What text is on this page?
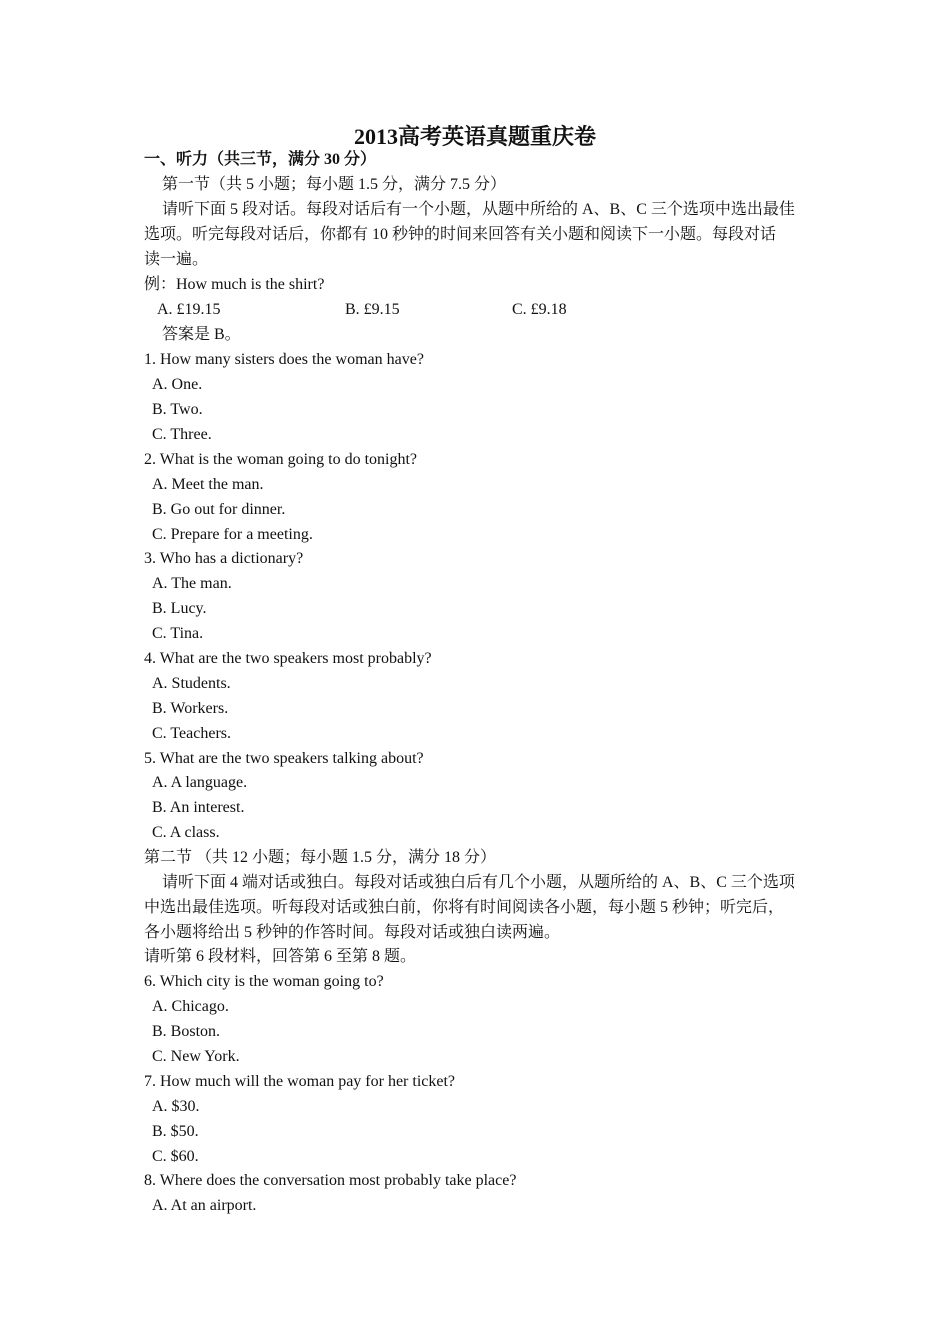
2013高考英语真题重庆卷
一、听力（共三节，满分 30 分）
第一节（共 5 小题；每小题 1.5 分，满分 7.5 分）
请听下面 5 段对话。每段对话后有一个小题，从题中所给的 A、B、C 三个选项中选出最佳
选项。听完每段对话后，你都有 10 秒钟的时间来回答有关小题和阅读下一小题。每段对话
读一遍。
例：How much is the shirt?
A. £19.15	B. £9.15	C. £9.18
答案是 B。
1. How many sisters does the woman have?
A. One.
B. Two.
C. Three.
2. What is the woman going to do tonight?
A. Meet the man.
B. Go out for dinner.
C. Prepare for a meeting.
3. Who has a dictionary?
A. The man.
B. Lucy.
C. Tina.
4. What are the two speakers most probably?
A. Students.
B. Workers.
C. Teachers.
5. What are the two speakers talking about?
A. A language.
B. An interest.
C. A class.
第二节 （共 12 小题；每小题 1.5 分，满分 18 分）
请听下面 4 端对话或独白。每段对话或独白后有几个小题，从题所给的 A、B、C 三个选项
中选出最佳选项。听每段对话或独白前，你将有时间阅读各小题，每小题 5 秒钟；听完后，
各小题将给出 5 秒钟的作答时间。每段对话或独白读两遍。
请听第 6 段材料，回答第 6 至第 8 题。
6. Which city is the woman going to?
A. Chicago.
B. Boston.
C. New York.
7. How much will the woman pay for her ticket?
A. $30.
B. $50.
C. $60.
8. Where does the conversation most probably take place?
A. At an airport.
